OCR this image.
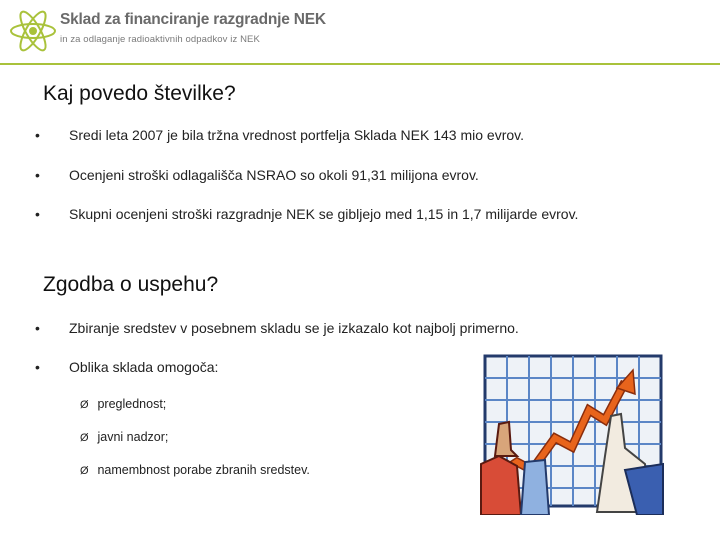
Sklad za financiranje razgradnje NEK
in za odlaganje radioaktivnih odpadkov iz NEK
Kaj povedo številke?
• Sredi leta 2007 je bila tržna vrednost portfelja Sklada NEK 143 mio evrov.
• Ocenjeni stroški odlagališča NSRAO so okoli 91,31 milijona evrov.
• Skupni ocenjeni stroški razgradnje NEK se gibljejo med 1,15 in 1,7 milijarde evrov.
Zgodba o uspehu?
• Zbiranje sredstev v posebnem skladu se je izkazalo kot najbolj primerno.
• Oblika sklada omogoča:
Ø preglednost;
Ø javni nadzor;
Ø namembnost porabe zbranih sredstev.
